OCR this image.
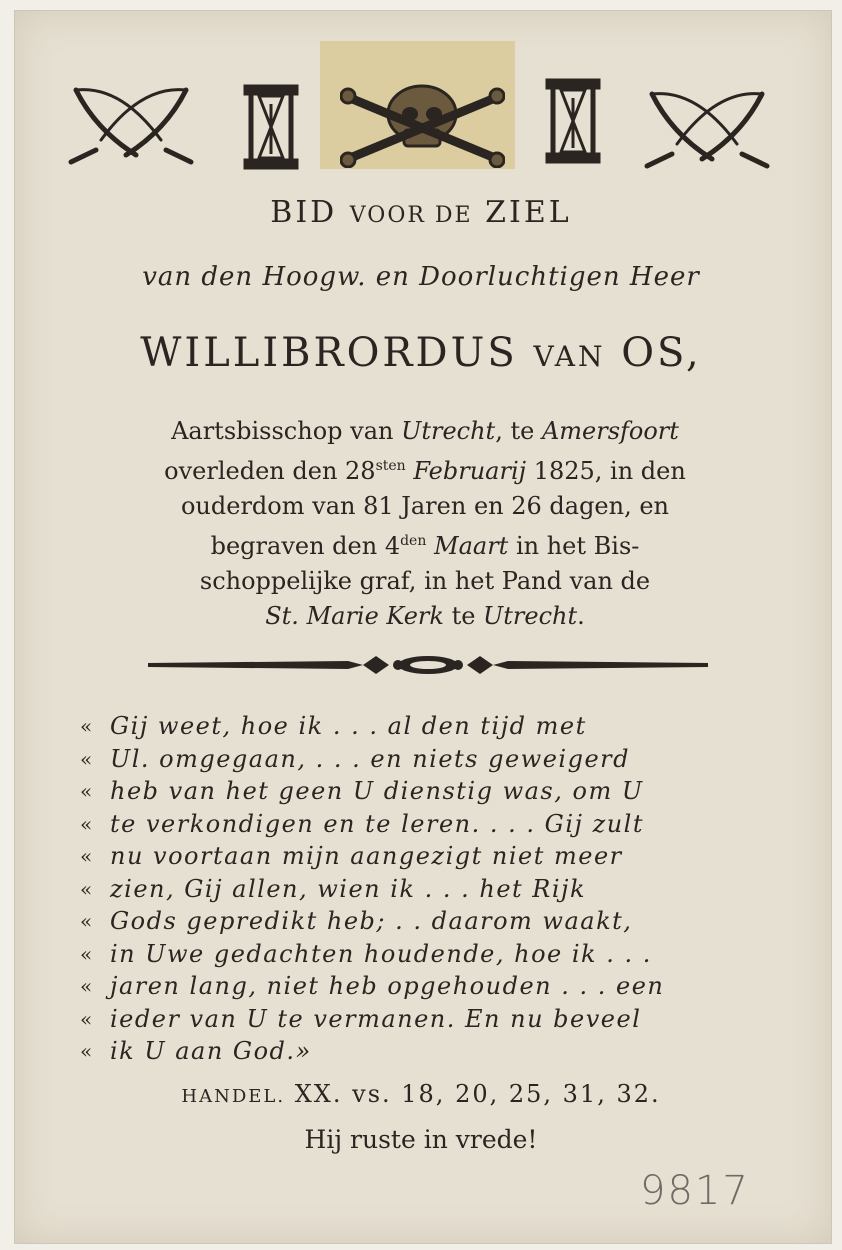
BID VOOR DE ZIEL
van den Hoogw. en Doorluchtigen Heer
WILLIBRORDUS VAN OS,
Aartsbisschop van Utrecht, te Amersfoort
overleden den $28^{sten}$ Februarij 1825, in den
ouderdom van 81 Jaren en 26 dagen, en
begraven den $4^{den}$ Maart in het Bis-
schoppelijke graf, in het Pand van de
St. Marie Kerk te Utrecht.
« Gij weet, hoe ik . . . al den tijd met
« Ul. omgegaan, . . . en niets geweigerd
« heb van het geen U dienstig was, om U
« te verkondigen en te leren. . . . Gij zult
« nu voortaan mijn aangezigt niet meer
« zien, Gij allen, wien ik . . . het Rijk
« Gods gepredikt heb; . . daarom waakt,
« in Uwe gedachten houdende, hoe ik . . .
« jaren lang, niet heb opgehouden . . . een
« ieder van U te vermanen. En nu beveel
« ik U aan God.»
HANDEL. XX. vs. 18, 20, 25, 31, 32.
Hij ruste in vrede!
9817
